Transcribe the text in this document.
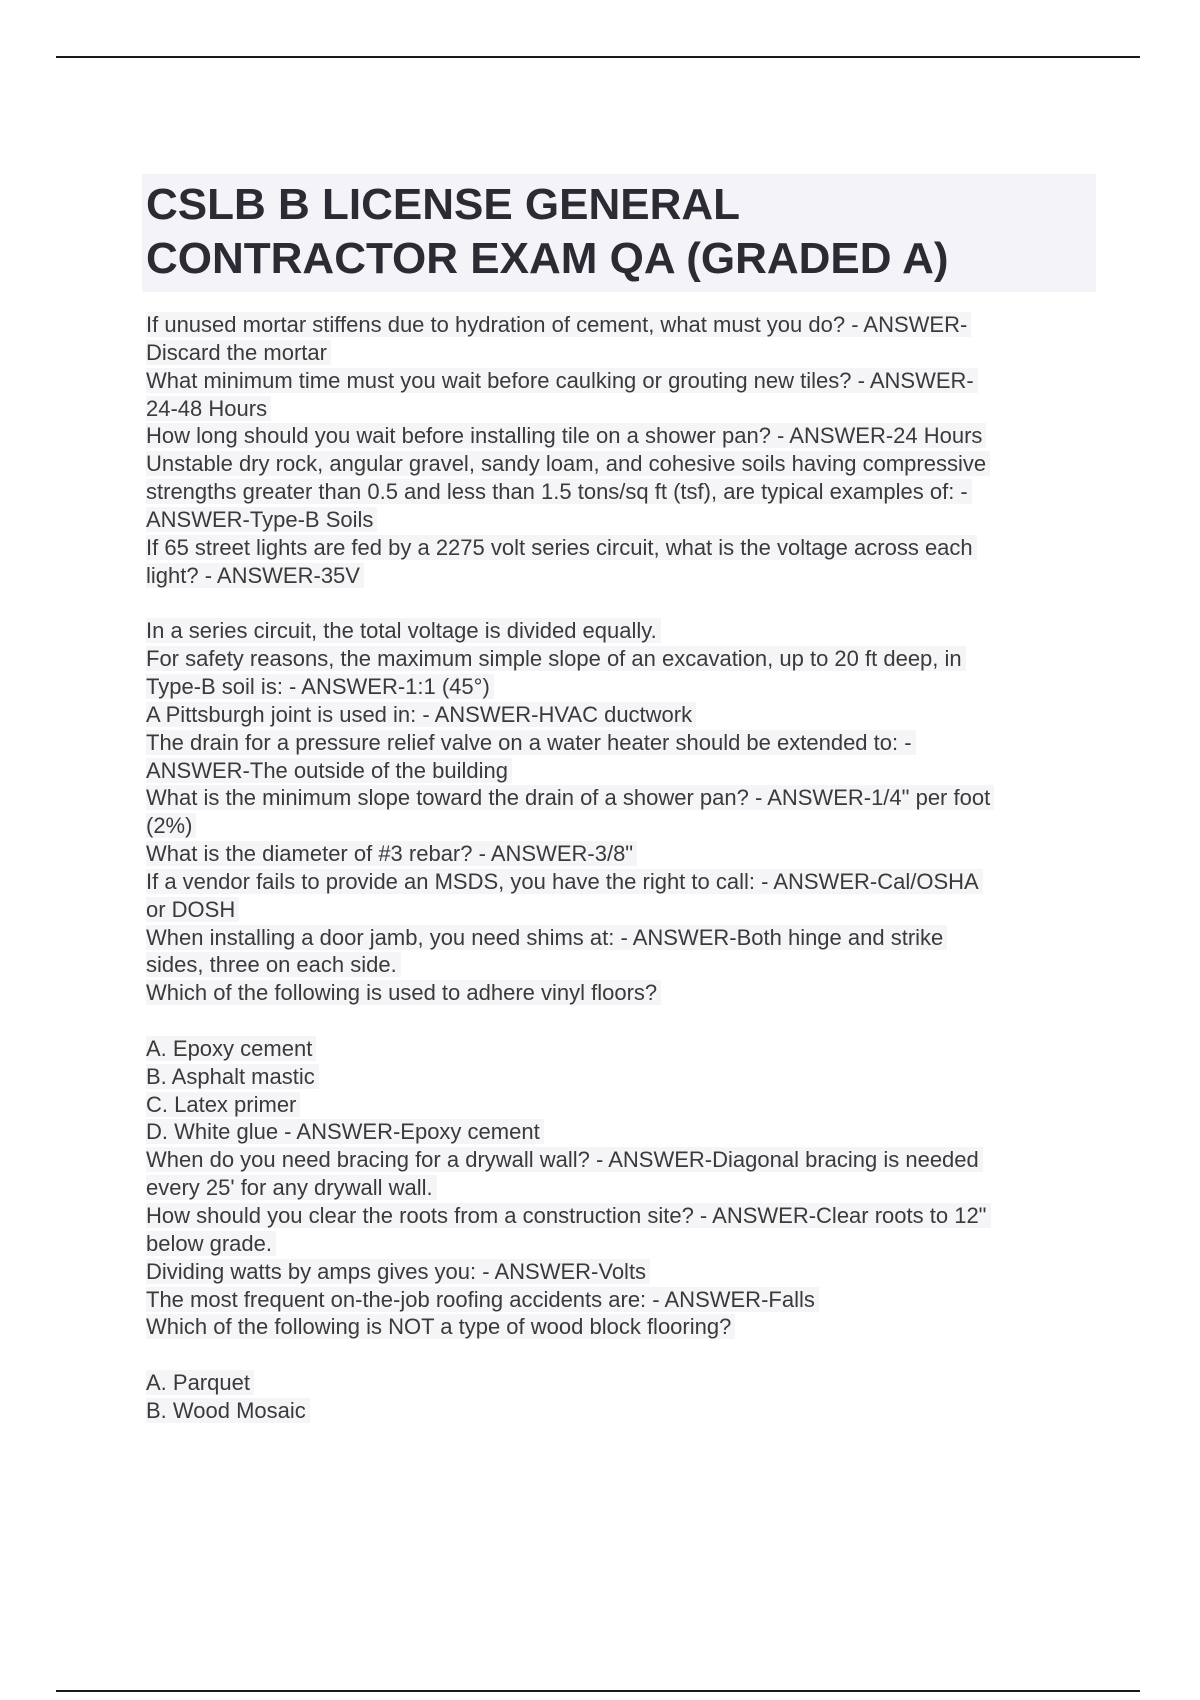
CSLB B LICENSE GENERAL
CONTRACTOR EXAM QA (GRADED A)
If unused mortar stiffens due to hydration of cement, what must you do? - ANSWER-
Discard the mortar
What minimum time must you wait before caulking or grouting new tiles? - ANSWER-
24-48 Hours
How long should you wait before installing tile on a shower pan? - ANSWER-24 Hours
Unstable dry rock, angular gravel, sandy loam, and cohesive soils having compressive
strengths greater than 0.5 and less than 1.5 tons/sq ft (tsf), are typical examples of: -
ANSWER-Type-B Soils
If 65 street lights are fed by a 2275 volt series circuit, what is the voltage across each
light? - ANSWER-35V
In a series circuit, the total voltage is divided equally.
For safety reasons, the maximum simple slope of an excavation, up to 20 ft deep, in
Type-B soil is: - ANSWER-1:1 (45°)
A Pittsburgh joint is used in: - ANSWER-HVAC ductwork
The drain for a pressure relief valve on a water heater should be extended to: -
ANSWER-The outside of the building
What is the minimum slope toward the drain of a shower pan? - ANSWER-1/4" per foot
(2%)
What is the diameter of #3 rebar? - ANSWER-3/8"
If a vendor fails to provide an MSDS, you have the right to call: - ANSWER-Cal/OSHA
or DOSH
When installing a door jamb, you need shims at: - ANSWER-Both hinge and strike
sides, three on each side.
Which of the following is used to adhere vinyl floors?
A. Epoxy cement
B. Asphalt mastic
C. Latex primer
D. White glue - ANSWER-Epoxy cement
When do you need bracing for a drywall wall? - ANSWER-Diagonal bracing is needed
every 25' for any drywall wall.
How should you clear the roots from a construction site? - ANSWER-Clear roots to 12"
below grade.
Dividing watts by amps gives you: - ANSWER-Volts
The most frequent on-the-job roofing accidents are: - ANSWER-Falls
Which of the following is NOT a type of wood block flooring?
A. Parquet
B. Wood Mosaic
